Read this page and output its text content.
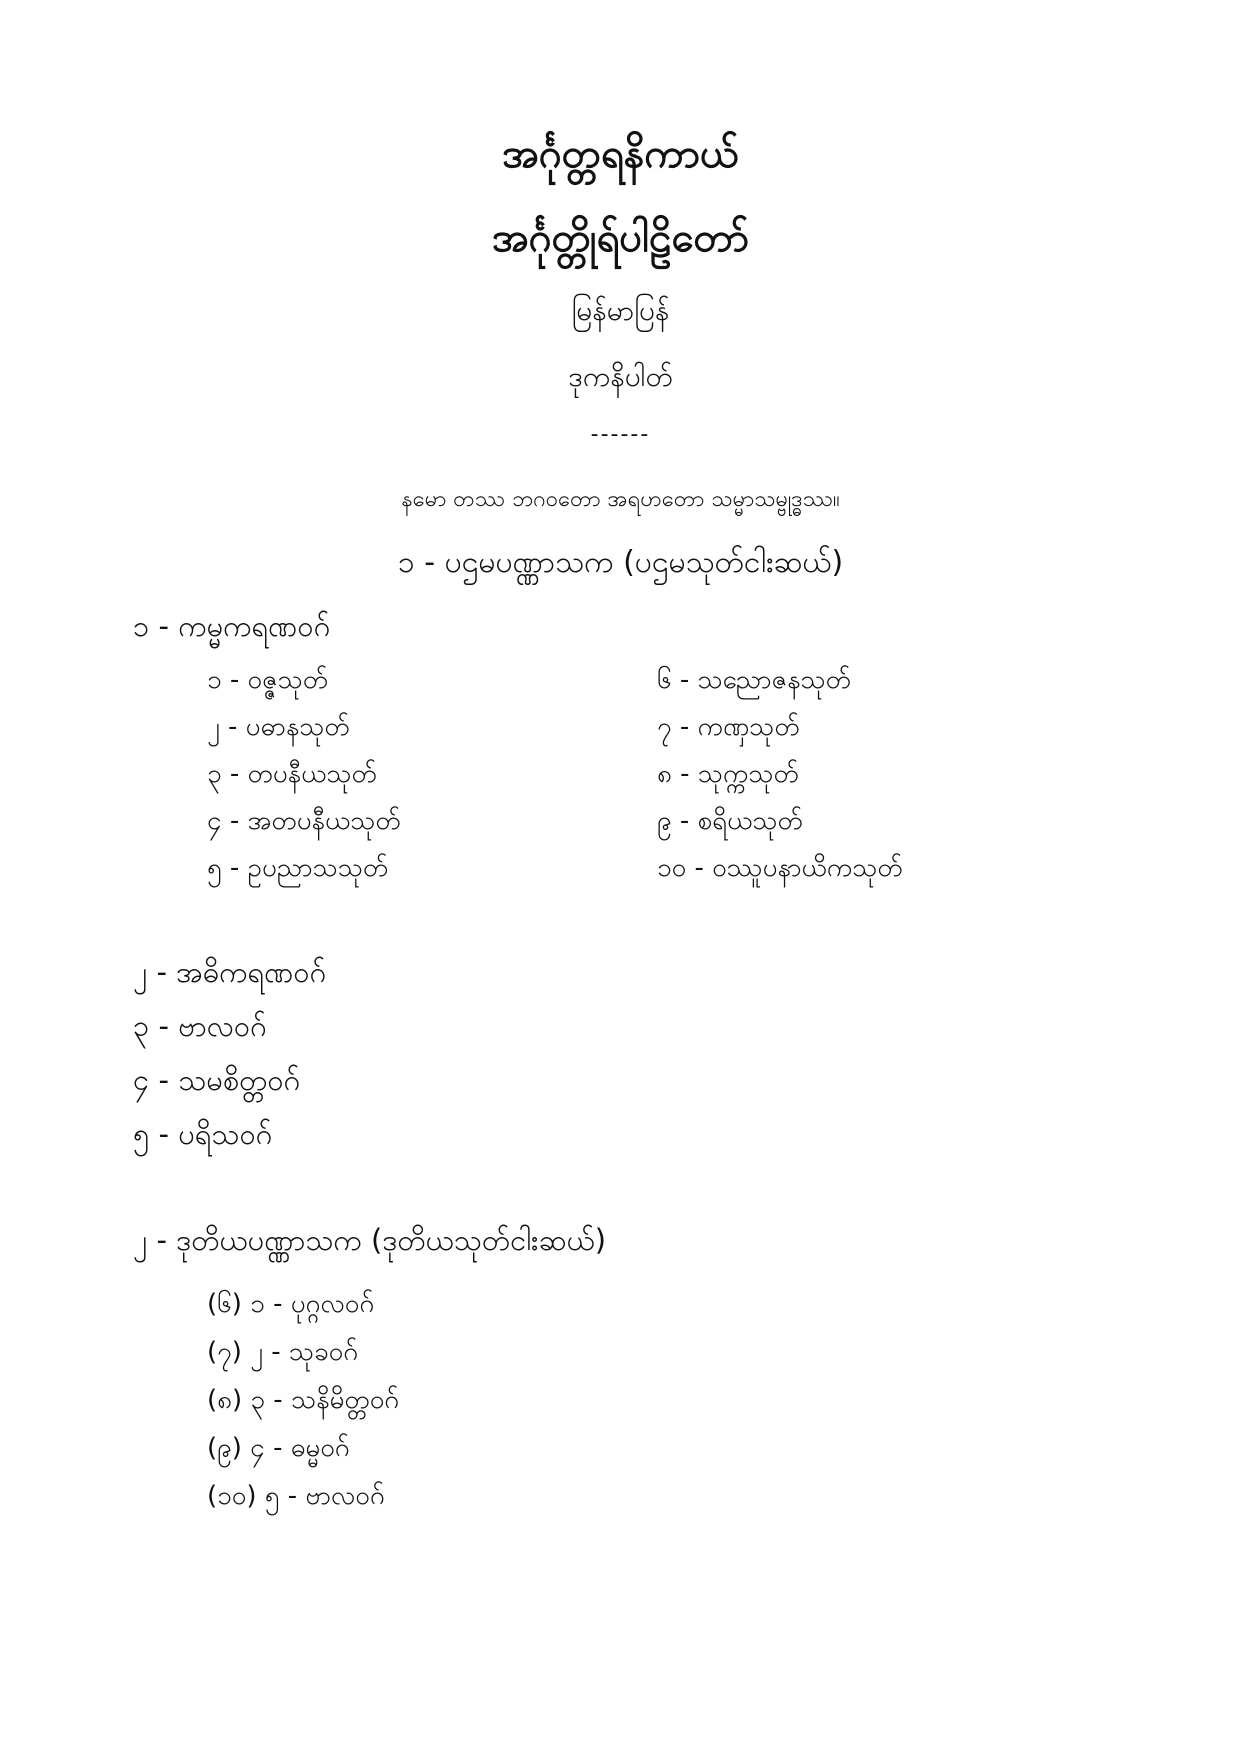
အင်္ဂုတ္တရနိကာယ်
အင်္ဂုတ္တိုရ်ပါဠိတော်
မြန်မာပြန်
ဒုကနိပါတ်
------
နမော တဿ ဘဂဝတော အရဟတော သမ္မာသမ္ဗုဒ္ဓဿ။
၁ - ပဌမပဏ္ဏာသက (ပဌမသုတ်ငါးဆယ်)
၁ - ကမ္မကရဏဝဂ်
၁ - ဝဇ္ဇသုတ်
၂ - ပဓာနသုတ်
၃ - တပနီယသုတ်
၄ - အတပနီယသုတ်
၅ - ဥပညာသသုတ်
၆ - သညောဇနသုတ်
၇ - ကဏှသုတ်
၈ - သုက္ကသုတ်
၉ - စရိယသုတ်
၁၀ - ဝဿူပနာယိကသုတ်
၂ - အဓိကရဏဝဂ်
၃ - ဗာလဝဂ်
၄ - သမစိတ္တဝဂ်
၅ - ပရိသဝဂ်
၂ - ဒုတိယပဏ္ဏာသက (ဒုတိယသုတ်ငါးဆယ်)
(၆) ၁ - ပုဂ္ဂလဝဂ်
(၇) ၂ - သုခဝဂ်
(၈) ၃ - သနိမိတ္တဝဂ်
(၉) ၄ - ဓမ္မဝဂ်
(၁၀) ၅ - ဗာလဝဂ်
